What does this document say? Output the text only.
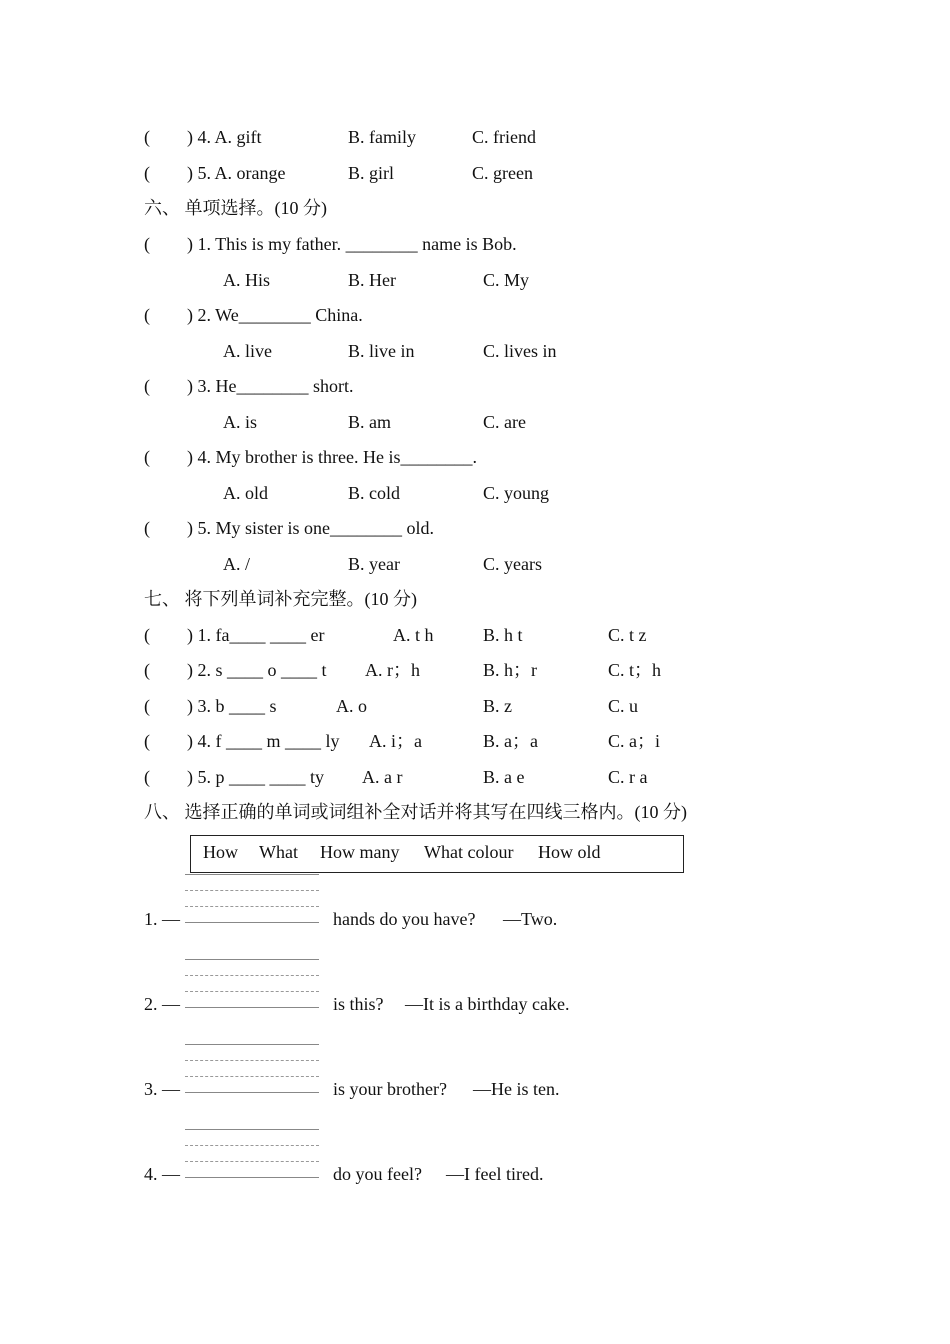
( ) 4. A. gift	B. family	C. friend
( ) 5. A. orange	B. girl	C. green
六、 单项选择。(10 分)
( ) 1. This is my father. ________ name is Bob.
A. His	B. Her	C. My
( ) 2. We________ China.
A. live	B. live in	C. lives in
( ) 3. He________ short.
A. is	B. am	C. are
( ) 4. My brother is three. He is________.
A. old	B. cold	C. young
( ) 5. My sister is one________ old.
A. /	B. year	C. years
七、 将下列单词补充完整。(10 分)
( ) 1. fa____ ____ er	A. t h	B. h t	C. t z
( ) 2. s ____ o ____ t A. r；h	B. h；r	C. t；h
( ) 3. b ____ s	A. o	B. z	C. u
( ) 4. f ____ m ____ ly A. i；a	B. a；a	C. a；i
( ) 5. p ____ ____ ty A. a r	B. a e	C. r a
八、 选择正确的单词或词组补全对话并将其写在四线三格内。(10 分)
How What How many What colour How old
1. —	hands do you have? —Two.
2. —	is this? —It is a birthday cake.
3. —	is your brother? —He is ten.
4. —	do you feel? —I feel tired.
